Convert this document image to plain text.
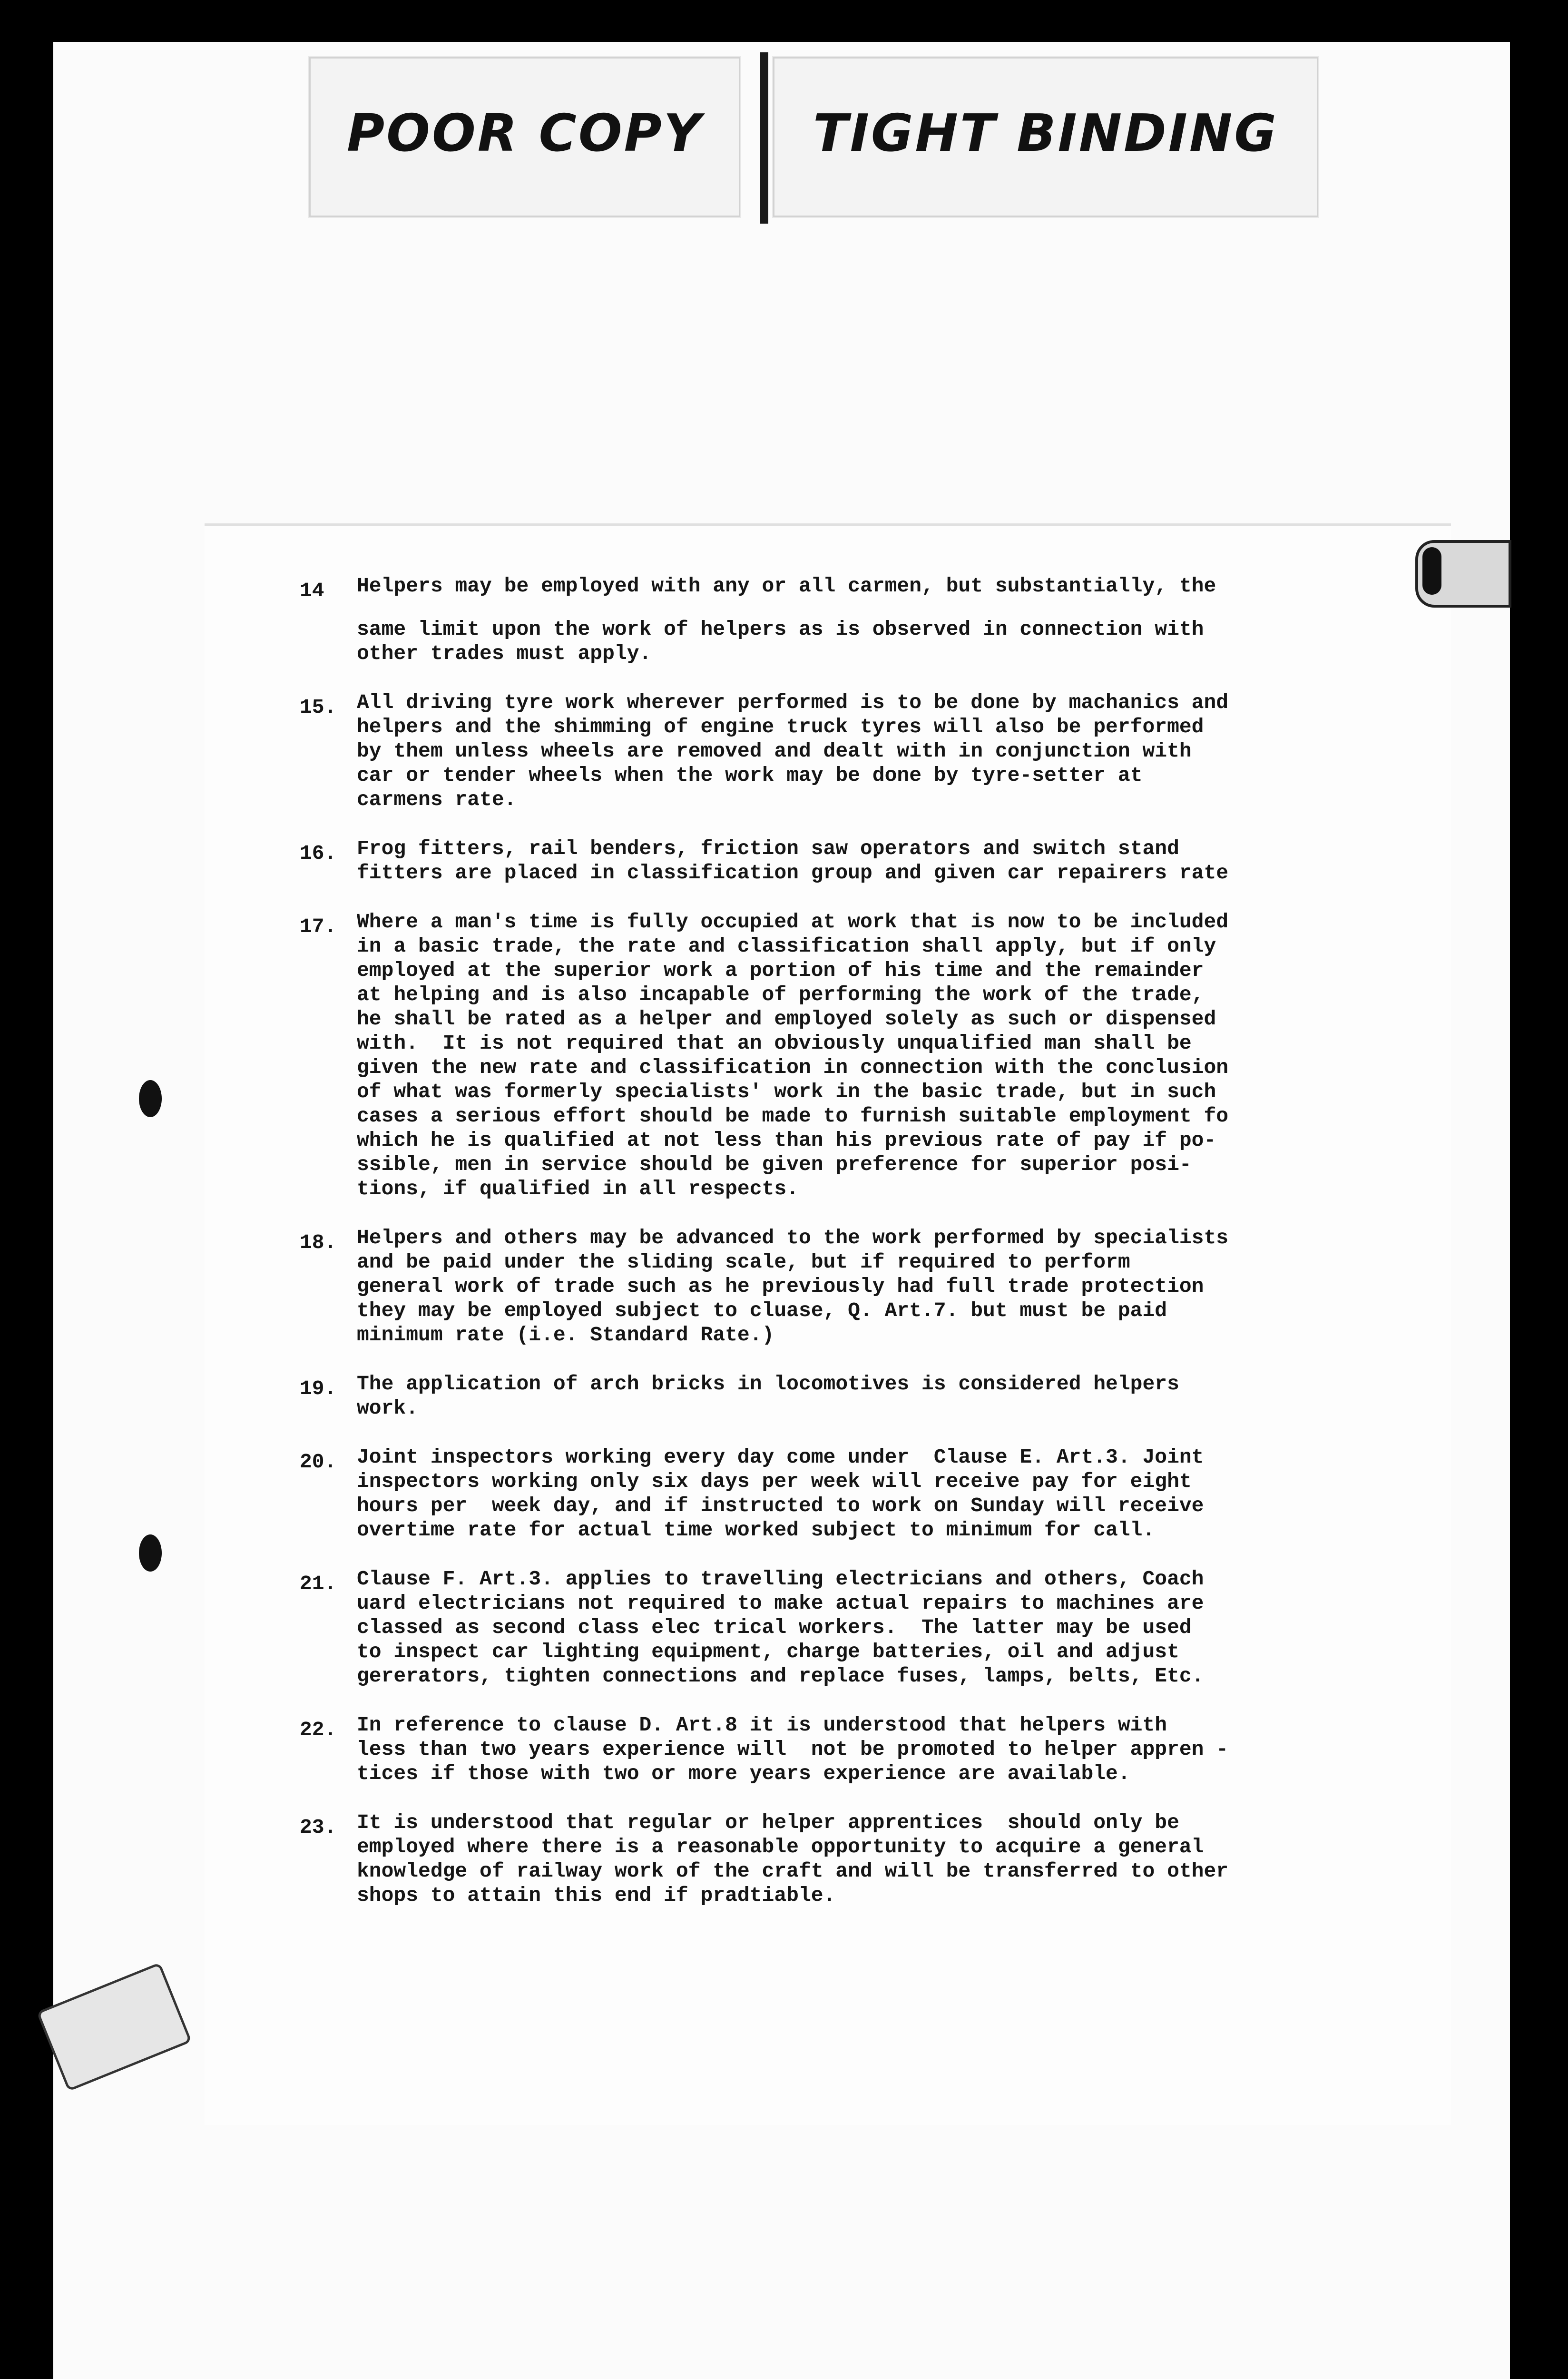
POOR COPY	TIGHT BINDING
14 Helpers may be employed with any or all carmen, but substantially, the
same limit upon the work of helpers as is observed in connection with
other trades must apply.
15. All driving tyre work wherever performed is to be done by machanics and
helpers and the shimming of engine truck tyres will also be performed
by them unless wheels are removed and dealt with in conjunction with
car or tender wheels when the work may be done by tyre-setter at
carmens rate.
16. Frog fitters, rail benders, friction saw operators and switch stand
fitters are placed in classification group and given car repairers rate
17. Where a man's time is fully occupied at work that is now to be included
in a basic trade, the rate and classification shall apply, but if only
employed at the superior work a portion of his time and the remainder
at helping and is also incapable of performing the work of the trade,
he shall be rated as a helper and employed solely as such or dispensed
with.  It is not required that an obviously unqualified man shall be
given the new rate and classification in connection with the conclusion
of what was formerly specialists' work in the basic trade, but in such
cases a serious effort should be made to furnish suitable employment fo
which he is qualified at not less than his previous rate of pay if po-
ssible, men in service should be given preference for superior posi-
tions, if qualified in all respects.
18. Helpers and others may be advanced to the work performed by specialists
and be paid under the sliding scale, but if required to perform
general work of trade such as he previously had full trade protection
they may be employed subject to cluase, Q. Art.7. but must be paid
minimum rate (i.e. Standard Rate.)
19. The application of arch bricks in locomotives is considered helpers
work.
20. Joint inspectors working every day come under  Clause E. Art.3. Joint
inspectors working only six days per week will receive pay for eight
hours per  week day, and if instructed to work on Sunday will receive
overtime rate for actual time worked subject to minimum for call.
21. Clause F. Art.3. applies to travelling electricians and others, Coach
uard electricians not required to make actual repairs to machines are
classed as second class elec trical workers.  The latter may be used
to inspect car lighting equipment, charge batteries, oil and adjust
gererators, tighten connections and replace fuses, lamps, belts, Etc.
22. In reference to clause D. Art.8 it is understood that helpers with
less than two years experience will  not be promoted to helper appren -
tices if those with two or more years experience are available.
23. It is understood that regular or helper apprentices  should only be
employed where there is a reasonable opportunity to acquire a general
knowledge of railway work of the craft and will be transferred to other
shops to attain this end if pradtiable.
